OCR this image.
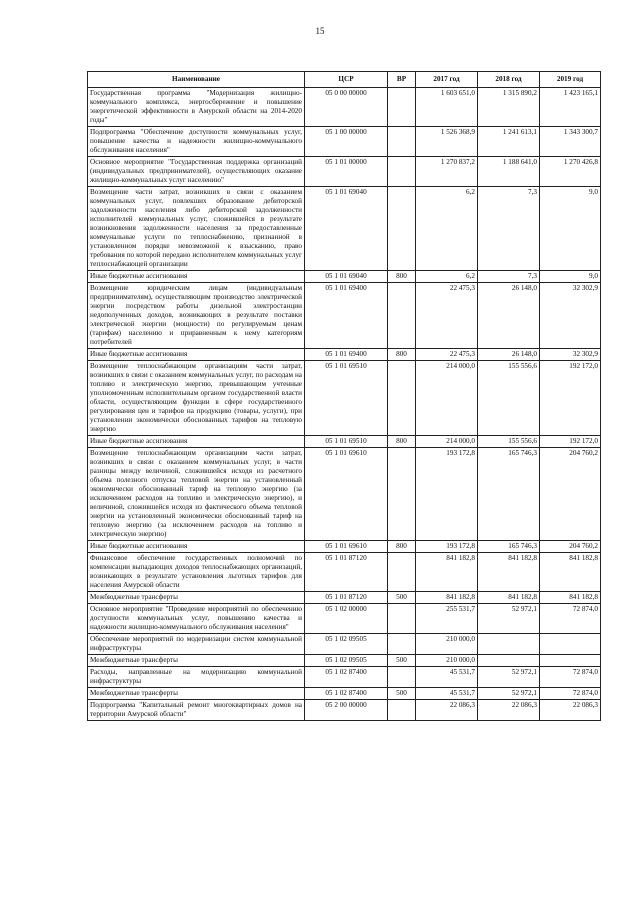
15
Наименование	ЦСР	ВР	2017 год	2018 год	2019 год
Государственная программа "Модернизация жилищно-коммунального комплекса, энергосбережение и повышение энергетической эффективности в Амурской области на 2014-2020 годы"	05 0 00 00000		1 603 651,0	1 315 890,2	1 423 165,1
Подпрограмма "Обеспечение доступности коммунальных услуг, повышение качества и надежности жилищно-коммунального обслуживания населения"	05 1 00 00000		1 526 368,9	1 241 613,1	1 343 300,7
Основное мероприятие "Государственная поддержка организаций (индивидуальных предпринимателей), осуществляющих оказание жилищно-коммунальных услуг населению"	05 1 01 00000		1 270 837,2	1 188 641,0	1 270 426,8
Возмещение части затрат, возникших в связи с оказанием коммунальных услуг, повлекших образование дебиторской задолженности населения либо дебиторской задолженности исполнителей коммунальных услуг, сложившейся в результате возникновения задолженности населения за предоставленные коммунальные услуги по теплоснабжению, признанной в установленном порядке невозможной к взысканию, право требования по которой передано исполнителем коммунальных услуг теплоснабжающей организации	05 1 01 69040		6,2	7,3	9,0
Иные бюджетные ассигнования	05 1 01 69040	800	6,2	7,3	9,0
Возмещение юридическим лицам (индивидуальным предпринимателям), осуществляющим производство электрической энергии посредством работы дизельной электростанции недополученных доходов, возникающих в результате поставки электрической энергии (мощности) по регулируемым ценам (тарифам) населению и приравненным к нему категориям потребителей	05 1 01 69400		22 475,3	26 148,0	32 302,9
Иные бюджетные ассигнования	05 1 01 69400	800	22 475,3	26 148,0	32 302,9
Возмещение теплоснабжающим организациям части затрат, возникших в связи с оказанием коммунальных услуг, по расходам на топливо и электрическую энергию, превышающим учтенные уполномоченным исполнительным органом государственной власти области, осуществляющим функции в сфере государственного регулирования цен и тарифов на продукцию (товары, услуги), при установлении экономически обоснованных тарифов на тепловую энергию	05 1 01 69510		214 000,0	155 556,6	192 172,0
Иные бюджетные ассигнования	05 1 01 69510	800	214 000,0	155 556,6	192 172,0
Возмещение теплоснабжающим организациям части затрат, возникших в связи с оказанием коммунальных услуг, в части разницы между величиной, сложившейся исходя из расчетного объема полезного отпуска тепловой энергии на установленный экономически обоснованный тариф на тепловую энергию (за исключением расходов на топливо и электрическую энергию), и величиной, сложившейся исходя из фактического объема тепловой энергии на установленный экономически обоснованный тариф на тепловую энергию (за исключением расходов на топливо и электрическую энергию)	05 1 01 69610		193 172,8	165 746,3	204 760,2
Иные бюджетные ассигнования	05 1 01 69610	800	193 172,8	165 746,3	204 760,2
Финансовое обеспечение государственных полномочий по компенсации выпадающих доходов теплоснабжающих организаций, возникающих в результате установления льготных тарифов для населения Амурской области	05 1 01 87120		841 182,8	841 182,8	841 182,8
Межбюджетные трансферты	05 1 01 87120	500	841 182,8	841 182,8	841 182,8
Основное мероприятие "Проведение мероприятий по обеспечению доступности коммунальных услуг, повышению качества и надежности жилищно-коммунального обслуживания населения"	05 1 02 00000		255 531,7	52 972,1	72 874,0
Обеспечение мероприятий по модернизации систем коммунальной инфраструктуры	05 1 02 09505		210 000,0		
Межбюджетные трансферты	05 1 02 09505	500	210 000,0		
Расходы, направленные на модернизацию коммунальной инфраструктуры	05 1 02 87400		45 531,7	52 972,1	72 874,0
Межбюджетные трансферты	05 1 02 87400	500	45 531,7	52 972,1	72 874,0
Подпрограмма "Капитальный ремонт многоквартирных домов на территории Амурской области"	05 2 00 00000		22 086,3	22 086,3	22 086,3
